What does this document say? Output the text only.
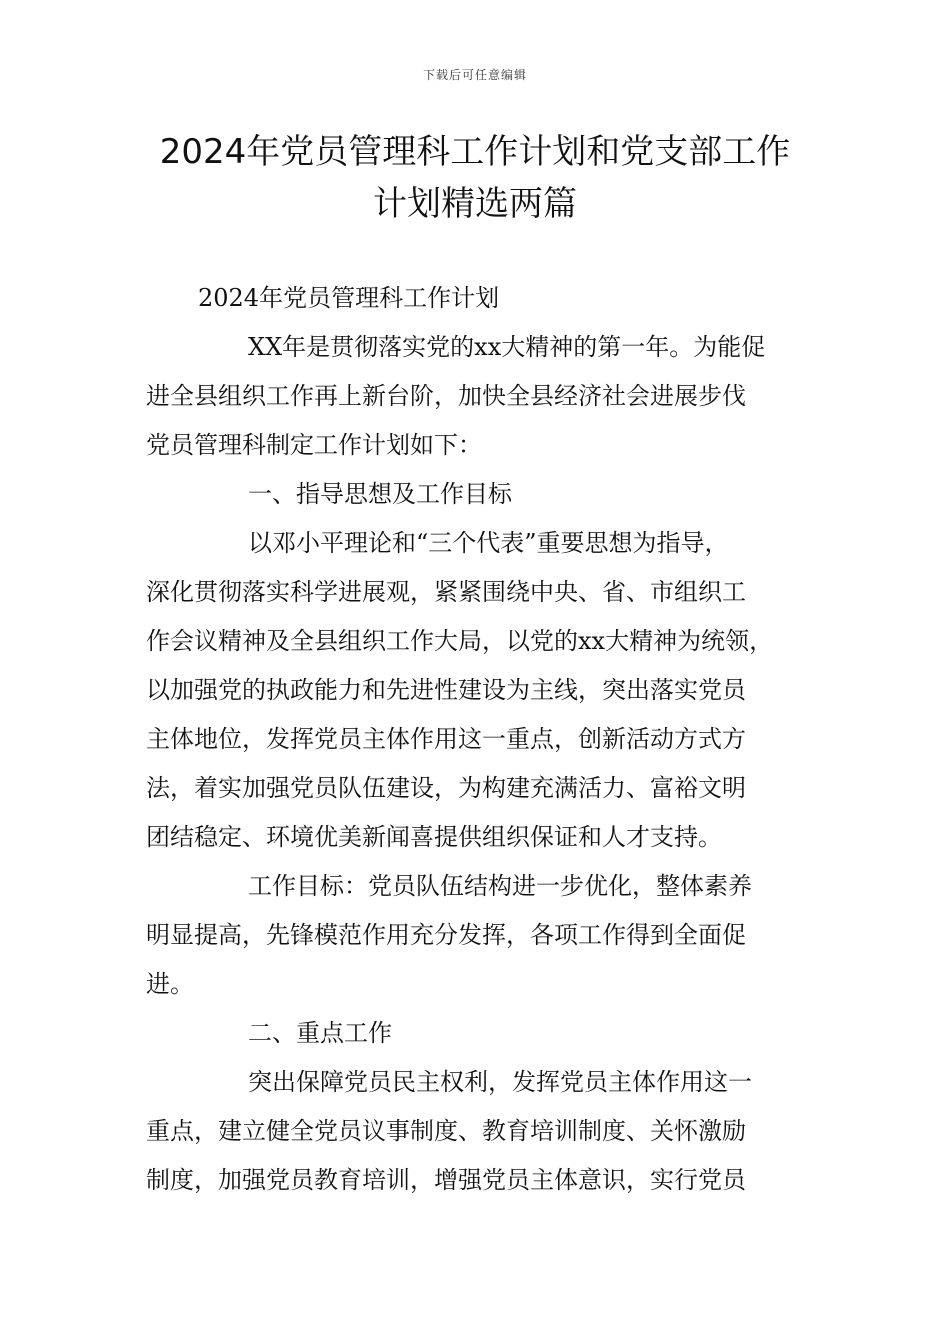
下载后可任意编辑
2024年党员管理科工作计划和党支部工作
计划精选两篇
2024年党员管理科工作计划
XX年是贯彻落实党的xx大精神的第一年。为能促
进全县组织工作再上新台阶，加快全县经济社会进展步伐
党员管理科制定工作计划如下：
一、指导思想及工作目标
以邓小平理论和“三个代表”重要思想为指导，
深化贯彻落实科学进展观，紧紧围绕中央、省、市组织工
作会议精神及全县组织工作大局，以党的xx大精神为统领，
以加强党的执政能力和先进性建设为主线，突出落实党员
主体地位，发挥党员主体作用这一重点，创新活动方式方
法，着实加强党员队伍建设，为构建充满活力、富裕文明
团结稳定、环境优美新闻喜提供组织保证和人才支持。
工作目标：党员队伍结构进一步优化，整体素养
明显提高，先锋模范作用充分发挥，各项工作得到全面促
进。
二、重点工作
突出保障党员民主权利，发挥党员主体作用这一
重点，建立健全党员议事制度、教育培训制度、关怀激励
制度，加强党员教育培训，增强党员主体意识，实行党员
